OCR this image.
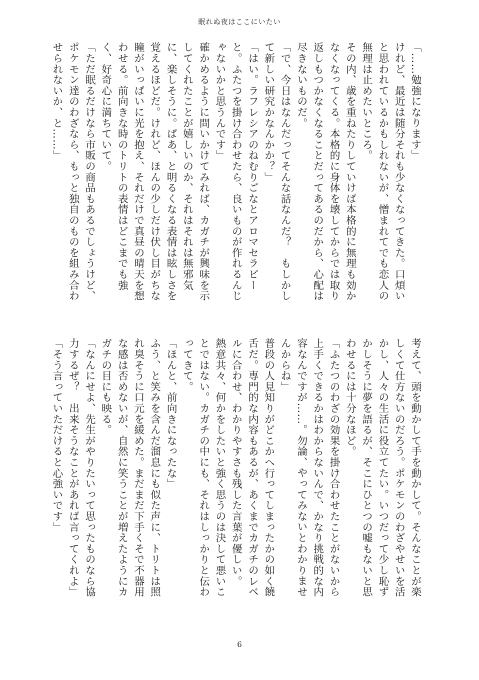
眠れぬ夜はここにいたい

「……勉強になります」

けれど、最近は随分それも少なくなってきた。口煩いと思われているかもしれないが、憎まれてでも恋人の無理は止めたいところ。

その内、歳を重ねたりしていけば本格的に無理も効かなくなってくる。本格的に身体を壊してからでは取り返しもつかなくなることだってあるのだから、心配は尽きないものだ。

「で、今日はなんだってそんな話なんだ？　もしかして新しい研究かなんかか？」

「はい。ラフレシアのねむりごなとアロマセラピーと。ふたつを掛け合わせたら、良いものが作れるんじゃないかと思うんです」

確かめるように問いかけてみれば、カガチが興味を示してくれたことが嬉しいのか、それはそれは無邪気に、楽しそうに。ぱあ、と明るくなる表情は眩しさを覚えるほどだ。けれど、ほんの少しだけ伏し目がちな瞳がいっぱいに光を抱え、それだけで真昼の晴天を想わせる。前向きな時のトリトの表情はどこまでも強く、好奇心に満ちていて。

「ただ眠るだけなら市販の商品もあるでしょうけど、ポケモン達のわざなら、もっと独自のものを組み合わせられないか、と……」

考えて、頭を動かして手を動かして。そんなことが楽しくて仕方ないのだろう。ポケモンのわざやせいを活かし、人々の生活に役立てたい。いつだって少し恥ずかしそうに夢を語るが、そこにひとつの嘘もないと思わせるには十分なほど。

「ふたつのわざの効果を掛け合わせたことがないから上手くできるかはわからないんで、かなり挑戦的な内容なんですが……。勿論、やってみないとわかりませんからね」

普段の人見知りがどこかへ行ってしまったかの如く饒舌だ。専門的な内容もあるが、あくまでカガチのレベルに合わせ、わかりやすさも残した言葉が優しい。

熱意共々、何かをしたいと強く思うのは決して悪いことではない。カガチの中にも、それはしっかりと伝わってきて。

「ほんと、前向きになったな」

ふう、と笑みを含んだ溜息にも似た声に、トリトは照れ臭そうに口元を緩めた。まだまだ下手くそで不器用な感は否めないが、自然に笑うことが増えたようにカガチの目にも映る。

「なんにせよ、先生がやりたいって思ったものなら協力するぜ？　出来そうなことがあれば言ってくれよ」

「そう言っていただけると心強いです」

6
